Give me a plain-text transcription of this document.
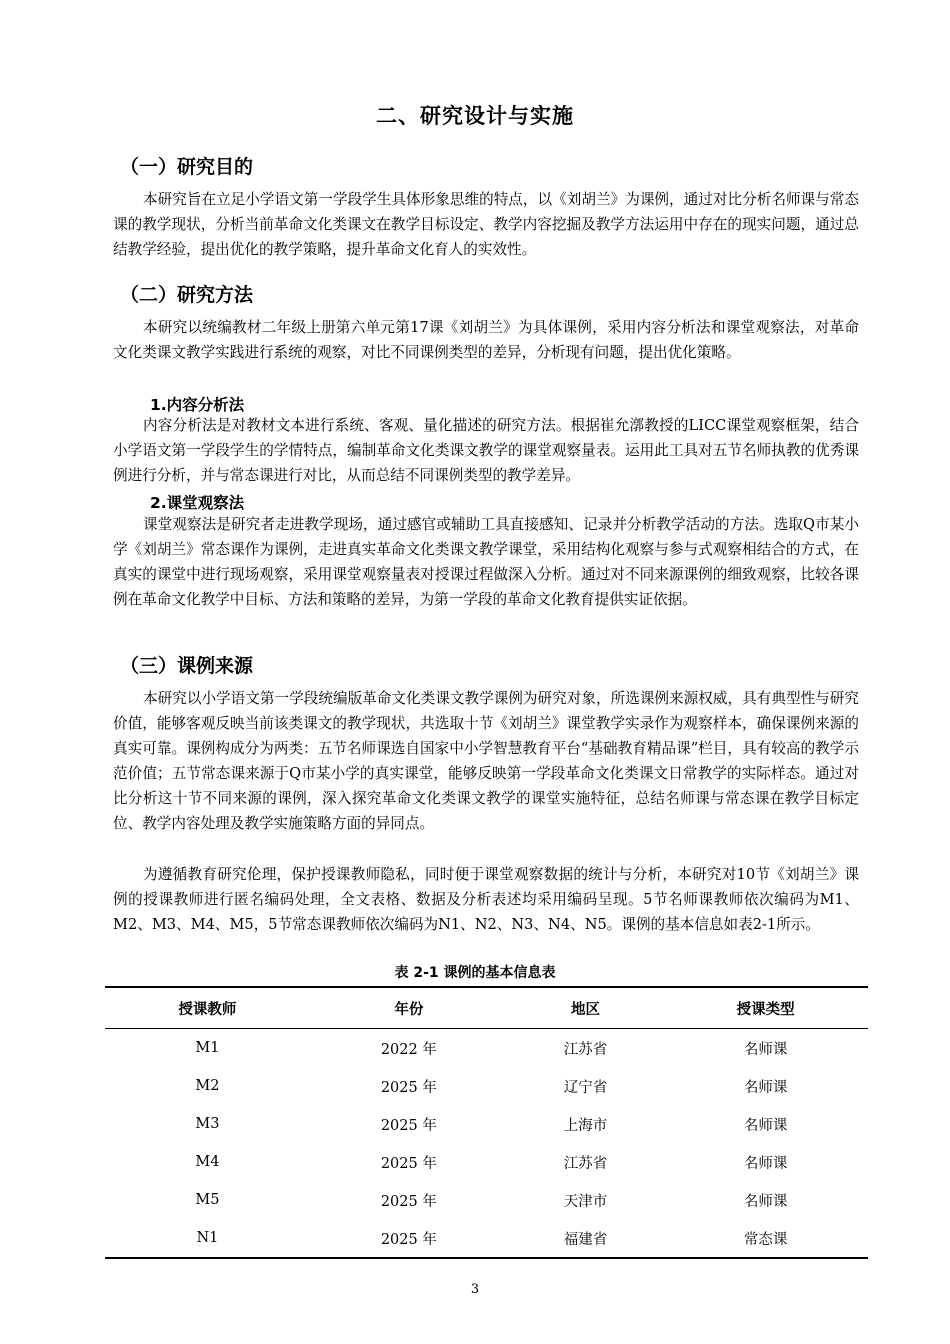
二、研究设计与实施
（一）研究目的

本研究旨在立足小学语文第一学段学生具体形象思维的特点，以《刘胡兰》为课例，通过对比分析名师课与常态课的教学现状，分析当前革命文化类课文在教学目标设定、教学内容挖掘及教学方法运用中存在的现实问题，通过总结教学经验，提出优化的教学策略，提升革命文化育人的实效性。

（二）研究方法

本研究以统编教材二年级上册第六单元第17课《刘胡兰》为具体课例，采用内容分析法和课堂观察法，对革命文化类课文教学实践进行系统的观察，对比不同课例类型的差异，分析现有问题，提出优化策略。

1.内容分析法

内容分析法是对教材文本进行系统、客观、量化描述的研究方法。根据崔允漷教授的LICC课堂观察框架，结合小学语文第一学段学生的学情特点，编制革命文化类课文教学的课堂观察量表。运用此工具对五节名师执教的优秀课例进行分析，并与常态课进行对比，从而总结不同课例类型的教学差异。

2.课堂观察法

课堂观察法是研究者走进教学现场，通过感官或辅助工具直接感知、记录并分析教学活动的方法。选取Q市某小学《刘胡兰》常态课作为课例，走进真实革命文化类课文教学课堂，采用结构化观察与参与式观察相结合的方式，在真实的课堂中进行现场观察，采用课堂观察量表对授课过程做深入分析。通过对不同来源课例的细致观察，比较各课例在革命文化教学中目标、方法和策略的差异，为第一学段的革命文化教育提供实证依据。

（三）课例来源

本研究以小学语文第一学段统编版革命文化类课文教学课例为研究对象，所选课例来源权威，具有典型性与研究价值，能够客观反映当前该类课文的教学现状，共选取十节《刘胡兰》课堂教学实录作为观察样本，确保课例来源的真实可靠。课例构成分为两类：五节名师课选自国家中小学智慧教育平台“基础教育精品课”栏目，具有较高的教学示范价值；五节常态课来源于Q市某小学的真实课堂，能够反映第一学段革命文化类课文日常教学的实际样态。通过对比分析这十节不同来源的课例，深入探究革命文化类课文教学的课堂实施特征，总结名师课与常态课在教学目标定位、教学内容处理及教学实施策略方面的异同点。

为遵循教育研究伦理，保护授课教师隐私，同时便于课堂观察数据的统计与分析，本研究对10节《刘胡兰》课例的授课教师进行匿名编码处理，全文表格、数据及分析表述均采用编码呈现。5节名师课教师依次编码为M1、M2、M3、M4、M5，5节常态课教师依次编码为N1、N2、N3、N4、N5。课例的基本信息如表2-1所示。

表 2-1 课例的基本信息表
授课教师	年份	地区	授课类型
M1	2022 年	江苏省	名师课
M2	2025 年	辽宁省	名师课
M3	2025 年	上海市	名师课
M4	2025 年	江苏省	名师课
M5	2025 年	天津市	名师课
N1	2025 年	福建省	常态课
3
